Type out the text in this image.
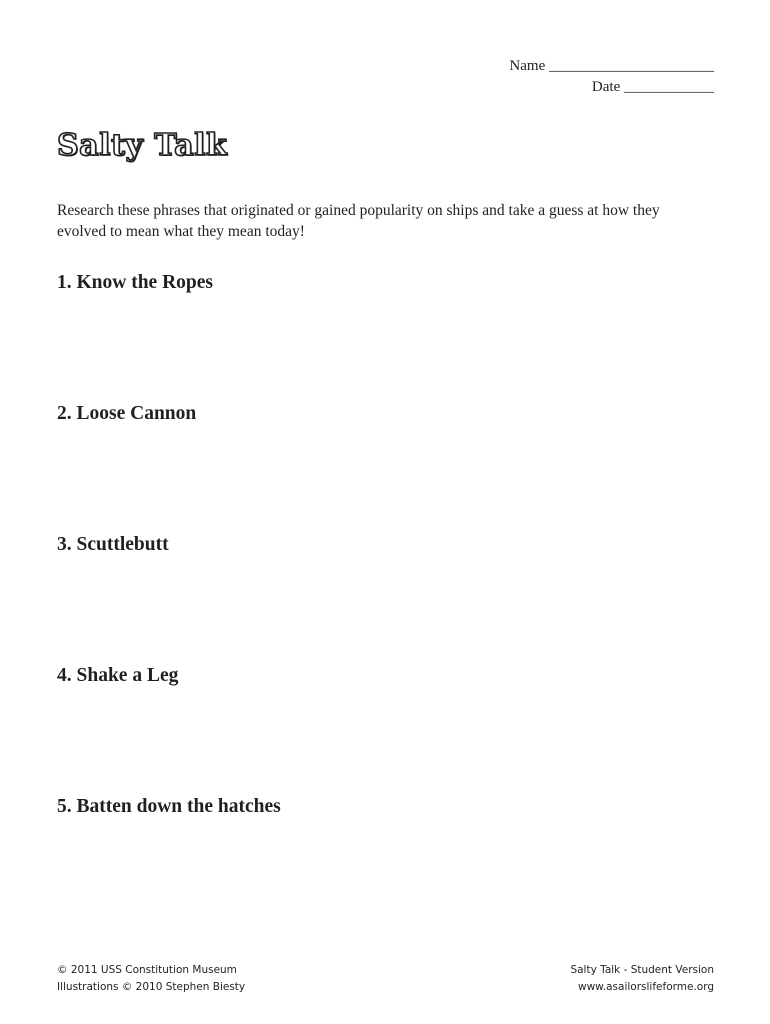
Name ______________________
Date ____________
Salty Talk
Research these phrases that originated or gained popularity on ships and take a guess at how they evolved to mean what they mean today!
1. Know the Ropes
2. Loose Cannon
3. Scuttlebutt
4. Shake a Leg
5. Batten down the hatches
© 2011 USS Constitution Museum
Illustrations © 2010 Stephen Biesty
Salty Talk - Student Version
www.asailorslifeforme.org
